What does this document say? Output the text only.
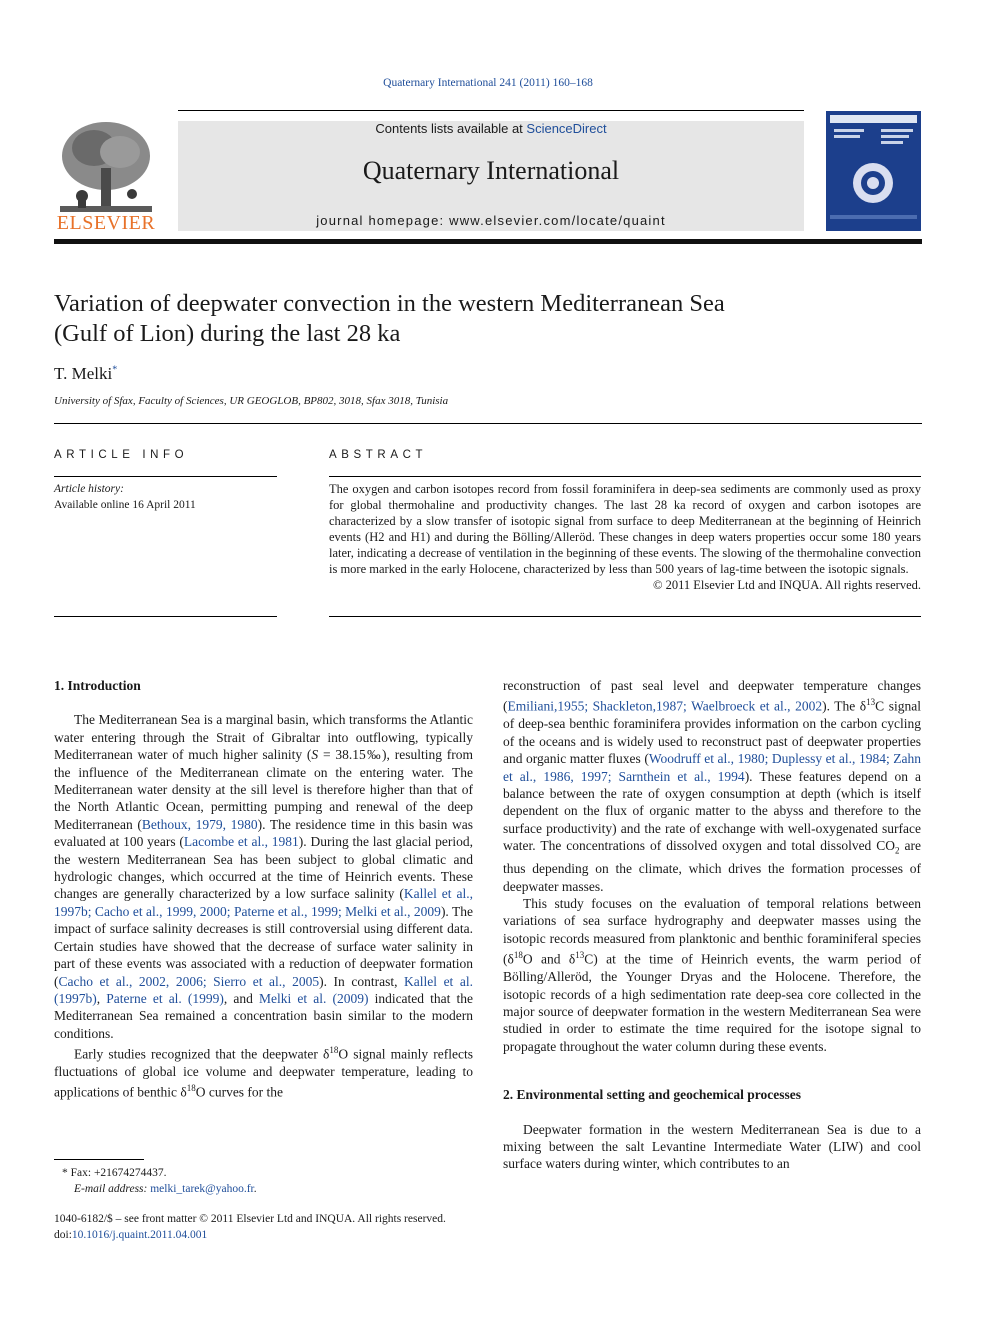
Quaternary International 241 (2011) 160–168
ELSEVIER
Contents lists available at ScienceDirect
Quaternary International
journal homepage: www.elsevier.com/locate/quaint
Variation of deepwater convection in the western Mediterranean Sea
(Gulf of Lion) during the last 28 ka
T. Melki*
University of Sfax, Faculty of Sciences, UR GEOGLOB, BP802, 3018, Sfax 3018, Tunisia
ARTICLE INFO
Article history:
Available online 16 April 2011
ABSTRACT
The oxygen and carbon isotopes record from fossil foraminifera in deep-sea sediments are commonly used as proxy for global thermohaline and productivity changes. The last 28 ka record of oxygen and carbon isotopes are characterized by a slow transfer of isotopic signal from surface to deep Mediterranean at the beginning of Heinrich events (H2 and H1) and during the Bölling/Alleröd. These changes in deep waters properties occur some 180 years later, indicating a decrease of ventilation in the beginning of these events. The slowing of the thermohaline convection is more marked in the early Holocene, characterized by less than 500 years of lag-time between the isotopic signals.
© 2011 Elsevier Ltd and INQUA. All rights reserved.
1. Introduction

The Mediterranean Sea is a marginal basin, which transforms the Atlantic water entering through the Strait of Gibraltar into outflowing, typically Mediterranean water of much higher salinity (S = 38.15‰), resulting from the influence of the Mediterranean climate on the entering water. The Mediterranean water density at the sill level is therefore higher than that of the North Atlantic Ocean, permitting pumping and renewal of the deep Mediterranean (Bethoux, 1979, 1980). The residence time in this basin was evaluated at 100 years (Lacombe et al., 1981). During the last glacial period, the western Mediterranean Sea has been subject to global climatic and hydrologic changes, which occurred at the time of Heinrich events. These changes are generally characterized by a low surface salinity (Kallel et al., 1997b; Cacho et al., 1999, 2000; Paterne et al., 1999; Melki et al., 2009). The impact of surface salinity decreases is still controversial using different data. Certain studies have showed that the decrease of surface water salinity in part of these events was associated with a reduction of deepwater formation (Cacho et al., 2002, 2006; Sierro et al., 2005). In contrast, Kallel et al. (1997b), Paterne et al. (1999), and Melki et al. (2009) indicated that the Mediterranean Sea remained a concentration basin similar to the modern conditions.

Early studies recognized that the deepwater $\delta^{18}O$ signal mainly reflects fluctuations of global ice volume and deepwater temperature, leading to applications of benthic $\delta^{18}O$ curves for the

* Fax: +21674274437.
E-mail address: melki_tarek@yahoo.fr.
1040-6182/$ – see front matter © 2011 Elsevier Ltd and INQUA. All rights reserved.
doi:10.1016/j.quaint.2011.04.001

reconstruction of past seal level and deepwater temperature changes (Emiliani,1955; Shackleton,1987; Waelbroeck et al., 2002). The $\delta^{13}C$ signal of deep-sea benthic foraminifera provides information on the carbon cycling of the oceans and is widely used to reconstruct past of deepwater properties and organic matter fluxes (Woodruff et al., 1980; Duplessy et al., 1984; Zahn et al., 1986, 1997; Sarnthein et al., 1994). These features depend on a balance between the rate of oxygen consumption at depth (which is itself dependent on the flux of organic matter to the abyss and therefore to the surface productivity) and the rate of exchange with well-oxygenated surface water. The concentrations of dissolved oxygen and total dissolved $CO_2$ are thus depending on the climate, which drives the formation processes of deepwater masses.

This study focuses on the evaluation of temporal relations between variations of sea surface hydrography and deepwater masses using the isotopic records measured from planktonic and benthic foraminiferal species ($\delta^{18}O$ and $\delta^{13}C$) at the time of Heinrich events, the warm period of Bölling/Alleröd, the Younger Dryas and the Holocene. Therefore, the isotopic records of a high sedimentation rate deep-sea core collected in the major source of deepwater formation in the western Mediterranean Sea were studied in order to estimate the time required for the isotope signal to propagate throughout the water column during these events.

2. Environmental setting and geochemical processes

Deepwater formation in the western Mediterranean Sea is due to a mixing between the salt Levantine Intermediate Water (LIW) and cool surface waters during winter, which contributes to an
